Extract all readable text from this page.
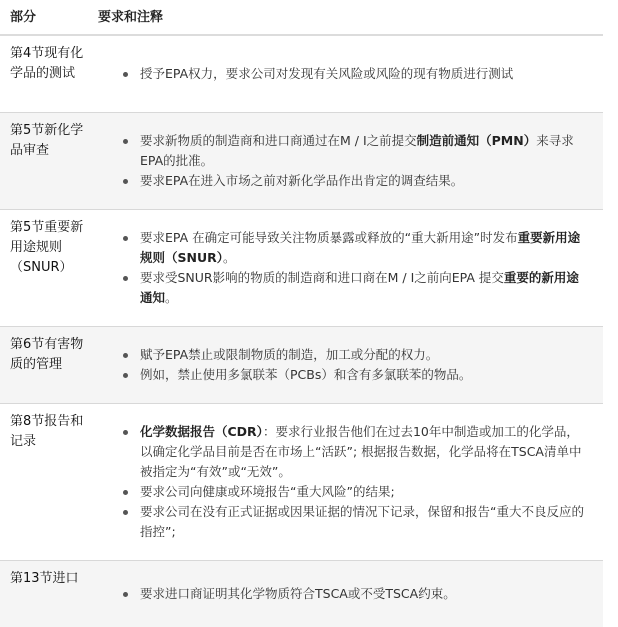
部分	要求和注释
第4节现有化学品的测试	授予EPA权力，要求公司对发现有关风险或风险的现有物质进行测试
第5节新化学品审查
要求新物质的制造商和进口商通过在M / I之前提交制造前通知（PMN）来寻求EPA的批准。
要求EPA在进入市场之前对新化学品作出肯定的调查结果。
第5节重要新用途规则（SNUR）
要求EPA 在确定可能导致关注物质暴露或释放的“重大新用途”时发布重要新用途规则（SNUR）。
要求受SNUR影响的物质的制造商和进口商在M / I之前向EPA 提交重要的新用途通知。
第6节有害物质的管理
赋予EPA禁止或限制物质的制造，加工或分配的权力。
例如，禁止使用多氯联苯（PCBs）和含有多氯联苯的物品。
第8节报告和记录
化学数据报告（CDR）：要求行业报告他们在过去10年中制造或加工的化学品，以确定化学品目前是否在市场上“活跃”; 根据报告数据，化学品将在TSCA清单中被指定为“有效”或“无效”。
要求公司向健康或环境报告“重大风险”的结果;
要求公司在没有正式证据或因果证据的情况下记录，保留和报告“重大不良反应的指控”;
第13节进口
要求进口商证明其化学物质符合TSCA或不受TSCA约束。
